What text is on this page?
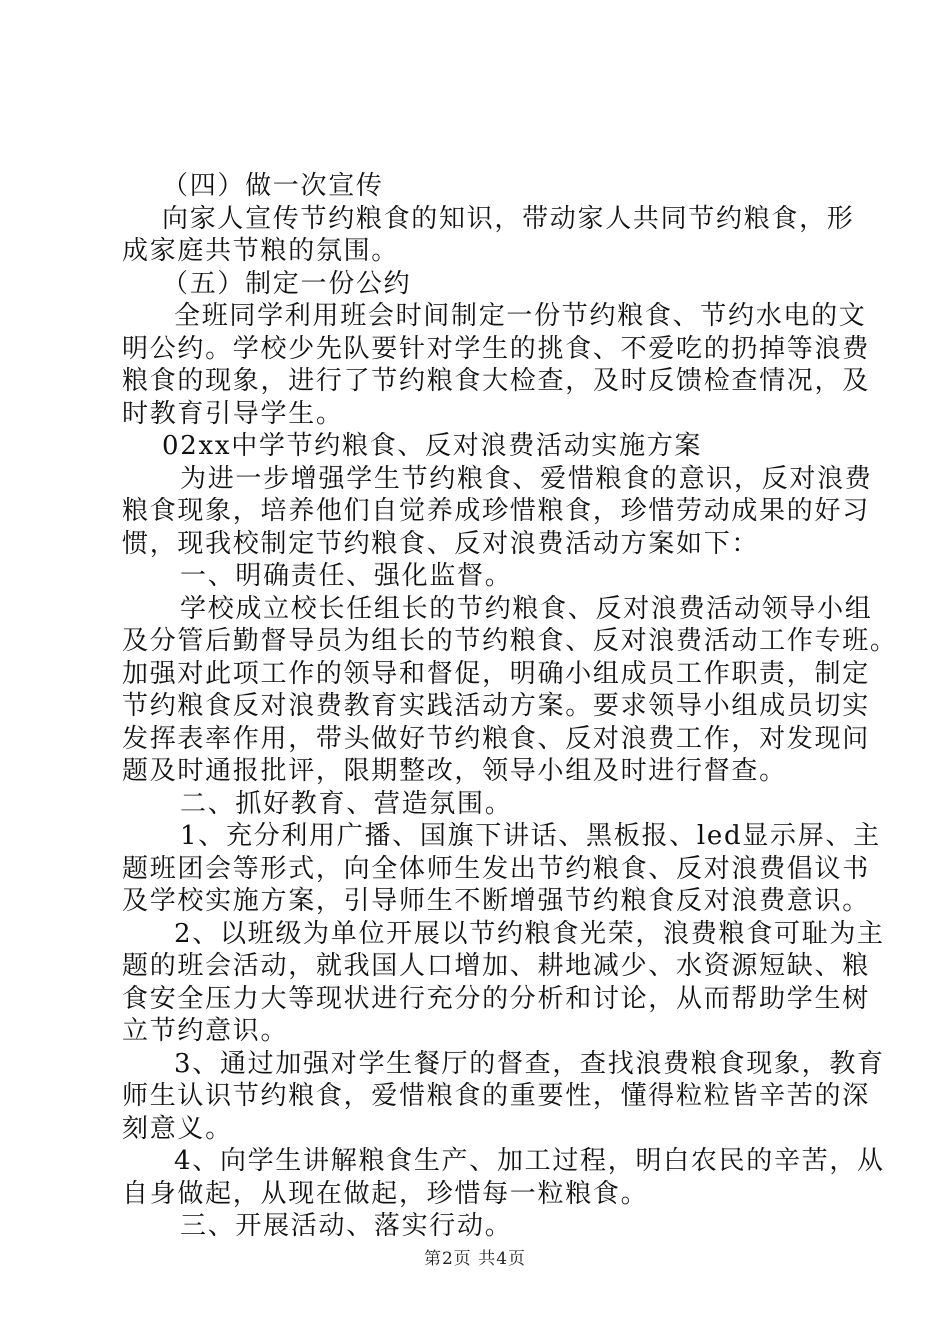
（四）做一次宣传
向家人宣传节约粮食的知识，带动家人共同节约粮食，形
成家庭共节粮的氛围。
（五）制定一份公约
全班同学利用班会时间制定一份节约粮食、节约水电的文
明公约。学校少先队要针对学生的挑食、不爱吃的扔掉等浪费
粮食的现象，进行了节约粮食大检查，及时反馈检查情况，及
时教育引导学生。
02xx中学节约粮食、反对浪费活动实施方案
为进一步增强学生节约粮食、爱惜粮食的意识，反对浪费
粮食现象，培养他们自觉养成珍惜粮食，珍惜劳动成果的好习
惯，现我校制定节约粮食、反对浪费活动方案如下：
一、明确责任、强化监督。
学校成立校长任组长的节约粮食、反对浪费活动领导小组
及分管后勤督导员为组长的节约粮食、反对浪费活动工作专班。
加强对此项工作的领导和督促，明确小组成员工作职责，制定
节约粮食反对浪费教育实践活动方案。要求领导小组成员切实
发挥表率作用，带头做好节约粮食、反对浪费工作，对发现问
题及时通报批评，限期整改，领导小组及时进行督查。
二、抓好教育、营造氛围。
1、充分利用广播、国旗下讲话、黑板报、led显示屏、主
题班团会等形式，向全体师生发出节约粮食、反对浪费倡议书
及学校实施方案，引导师生不断增强节约粮食反对浪费意识。
2、以班级为单位开展以节约粮食光荣，浪费粮食可耻为主
题的班会活动，就我国人口增加、耕地减少、水资源短缺、粮
食安全压力大等现状进行充分的分析和讨论，从而帮助学生树
立节约意识。
3、通过加强对学生餐厅的督查，查找浪费粮食现象，教育
师生认识节约粮食，爱惜粮食的重要性，懂得粒粒皆辛苦的深
刻意义。
4、向学生讲解粮食生产、加工过程，明白农民的辛苦，从
自身做起，从现在做起，珍惜每一粒粮食。
三、开展活动、落实行动。
第2页 共4页
